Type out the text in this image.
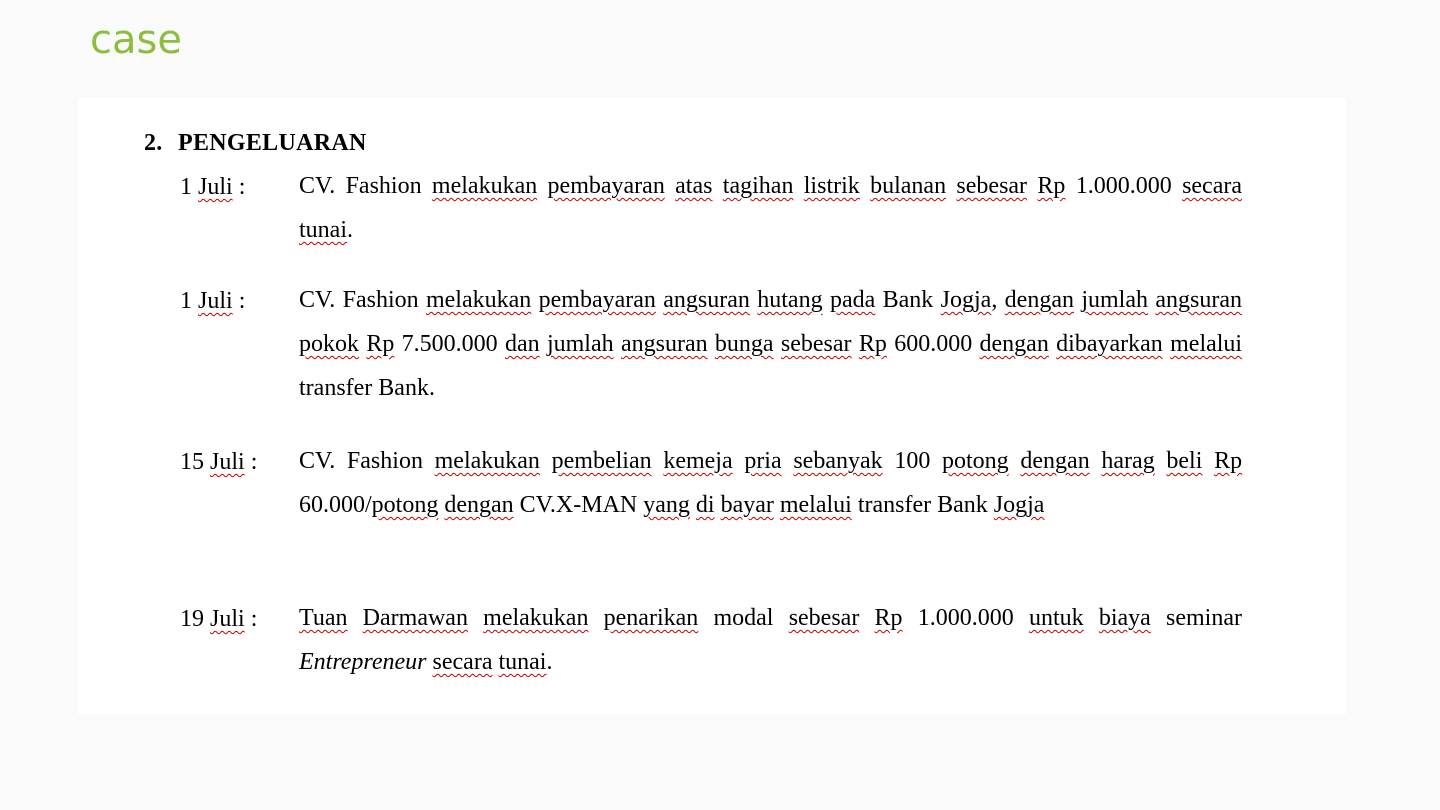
case
2. PENGELUARAN
1 Juli : CV. Fashion melakukan pembayaran atas tagihan listrik bulanan sebesar Rp 1.000.000 secara tunai.
1 Juli : CV. Fashion melakukan pembayaran angsuran hutang pada Bank Jogja, dengan jumlah angsuran pokok Rp 7.500.000 dan jumlah angsuran bunga sebesar Rp 600.000 dengan dibayarkan melalui transfer Bank.
15 Juli : CV. Fashion melakukan pembelian kemeja pria sebanyak 100 potong dengan harag beli Rp 60.000/potong dengan CV.X-MAN yang di bayar melalui transfer Bank Jogja
19 Juli : Tuan Darmawan melakukan penarikan modal sebesar Rp 1.000.000 untuk biaya seminar Entrepreneur secara tunai.
